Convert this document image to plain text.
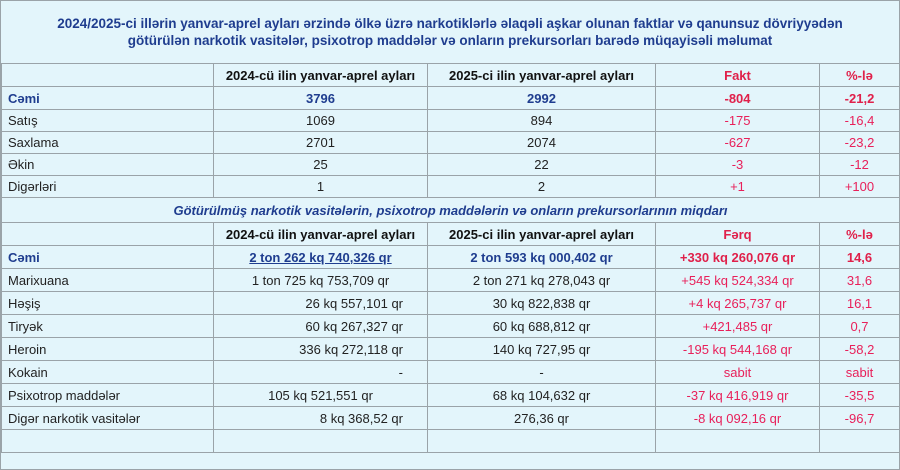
2024/2025-ci illərin yanvar-aprel ayları ərzində ölkə üzrə narkotiklərlə əlaqəli aşkar olunan faktlar və qanunsuz dövriyyədən
götürülən narkotik vasitələr, psixotrop maddələr və onların prekursorları barədə müqayisəli məlumat
	2024-cü ilin yanvar-aprel ayları	2025-ci ilin yanvar-aprel ayları	Fakt	%-lə
Cəmi	3796	2992	-804	-21,2
Satış	1069	894	-175	-16,4
Saxlama	2701	2074	-627	-23,2
Əkin	25	22	-3	-12
Digərləri	1	2	+1	+100
Götürülmüş narkotik vasitələrin, psixotrop maddələrin və onların prekursorlarının miqdarı				
	2024-cü ilin yanvar-aprel ayları	2025-ci ilin yanvar-aprel ayları	Fərq	%-lə
Cəmi	2 ton 262 kq 740,326 qr	2 ton 593 kq 000,402 qr	+330 kq 260,076 qr	14,6
Marixuana	1 ton 725 kq 753,709 qr	2 ton 271 kq 278,043 qr	+545 kq 524,334 qr	31,6
Həşiş	26 kq 557,101 qr	30 kq 822,838 qr	+4 kq 265,737 qr	16,1
Tiryək	60 kq 267,327 qr	60 kq 688,812 qr	+421,485 qr	0,7
Heroin	336 kq 272,118 qr	140 kq 727,95 qr	-195 kq 544,168 qr	-58,2
Kokain	-	-	sabit	sabit
Psixotrop maddələr	105 kq 521,551 qr	68 kq 104,632 qr	-37 kq 416,919 qr	-35,5
Digər narkotik vasitələr	8 kq 368,52 qr	276,36 qr	-8 kq 092,16 qr	-96,7
